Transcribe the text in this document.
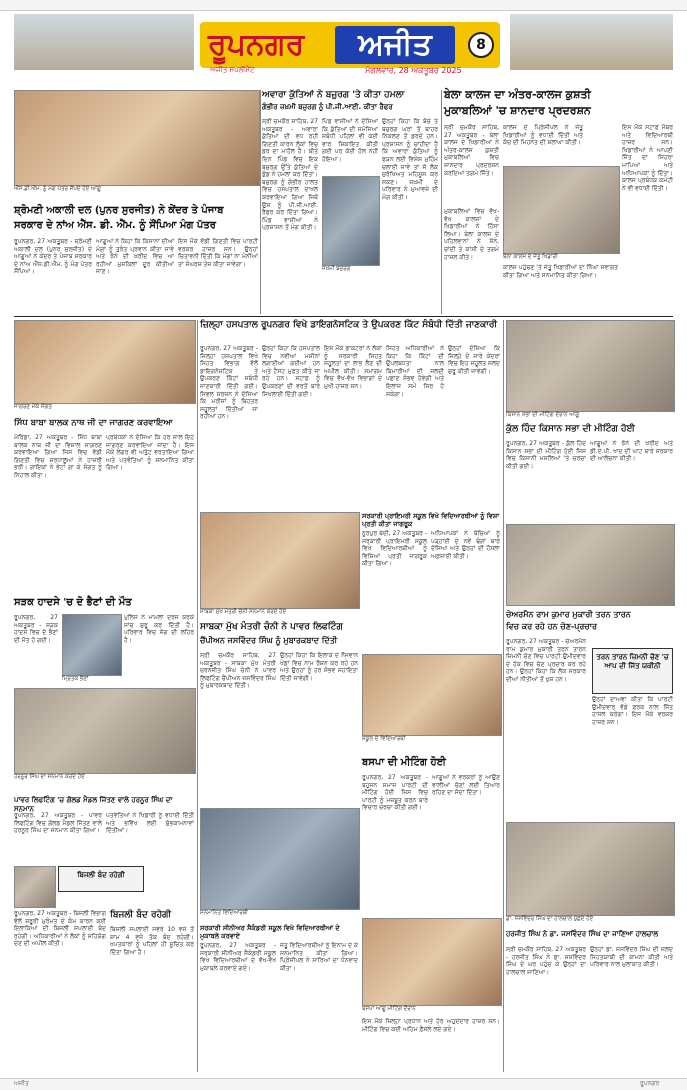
ਰੂਪਨਗਰ	ਅਜੀਤ	8
ਅਜੀਤ ਸਪਲੀਮੈਂਟ	ਮੰਗਲਵਾਰ, 28 ਅਕਤੂਬਰ 2025
ਐੱਸ.ਡੀ.ਐੱਮ. ਨੂੰ ਮੰਗ ਪੱਤਰ ਸੌਂਪਦੇ ਹੋਏ ਆਗੂ
ਅਵਾਰਾ ਕੁੱਤਿਆਂ ਨੇ ਬਜ਼ੁਰਗ 'ਤੇ ਕੀਤਾ ਹਮਲਾ
ਗੰਭੀਰ ਜ਼ਖ਼ਮੀ ਬਜ਼ੁਰਗ ਨੂੰ ਪੀ.ਜੀ.ਆਈ. ਕੀਤਾ ਰੈਫਰ
ਸ੍ਰੀ ਚਮਕੌਰ ਸਾਹਿਬ, 27 ਅਕਤੂਬਰ - ਅਵਾਰਾ ਕੁੱਤਿਆਂ ਦੀ ਵਧ ਰਹੀ ਗਿਣਤੀ ਕਾਰਨ ਲੋਕਾਂ ਵਿਚ ਡਰ ਦਾ ਮਾਹੌਲ ਹੈ। ਬੀਤੇ ਦਿਨ ਪਿੰਡ ਵਿਚ ਇਕ ਬਜ਼ੁਰਗ ਉੱਤੇ ਕੁੱਤਿਆਂ ਦੇ ਝੁੰਡ ਨੇ ਹਮਲਾ ਕਰ ਦਿੱਤਾ। ਬਜ਼ੁਰਗ ਨੂੰ ਗੰਭੀਰ ਹਾਲਤ ਵਿਚ ਹਸਪਤਾਲ ਦਾਖਲ ਕਰਵਾਇਆ ਗਿਆ ਜਿਥੋਂ ਉਸ ਨੂੰ ਪੀ.ਜੀ.ਆਈ. ਰੈਫਰ ਕਰ ਦਿੱਤਾ ਗਿਆ। ਪਿੰਡ ਵਾਸੀਆਂ ਨੇ ਪ੍ਰਸ਼ਾਸਨ ਤੋਂ ਮੰਗ ਕੀਤੀ।
ਜ਼ਖ਼ਮੀ ਬਜ਼ੁਰਗ
ਪਿੰਡ ਵਾਸੀਆਂ ਨੇ ਦੱਸਿਆ ਕਿ ਕੁੱਤਿਆਂ ਦੀ ਸਮੱਸਿਆ ਸਬੰਧੀ ਪਹਿਲਾਂ ਵੀ ਕਈ ਵਾਰ ਸ਼ਿਕਾਇਤ ਕੀਤੀ ਗਈ ਪਰ ਕੋਈ ਹੱਲ ਨਹੀਂ ਹੋਇਆ।
ਉਨ੍ਹਾਂ ਕਿਹਾ ਕਿ ਬੱਚੇ ਤੇ ਬਜ਼ੁਰਗ ਘਰਾਂ ਤੋਂ ਬਾਹਰ ਨਿਕਲਣ ਤੋਂ ਡਰਦੇ ਹਨ। ਪ੍ਰਸ਼ਾਸਨ ਨੂੰ ਚਾਹੀਦਾ ਹੈ ਕਿ ਅਵਾਰਾ ਕੁੱਤਿਆਂ ਨੂੰ ਫੜਨ ਲਈ ਵਿਸ਼ੇਸ਼ ਮੁਹਿੰਮ ਚਲਾਈ ਜਾਵੇ ਤਾਂ ਜੋ ਲੋਕ ਸੁਰੱਖਿਅਤ ਮਹਿਸੂਸ ਕਰ ਸਕਣ। ਜ਼ਖ਼ਮੀ ਦੇ ਪਰਿਵਾਰ ਨੇ ਮੁਆਵਜ਼ੇ ਦੀ ਮੰਗ ਕੀਤੀ।
ਬੇਲਾ ਕਾਲਜ ਦਾ ਅੰਤਰ-ਕਾਲਜ ਕੁਸ਼ਤੀ
ਮੁਕਾਬਲਿਆਂ 'ਚ ਸ਼ਾਨਦਾਰ ਪ੍ਰਦਰਸ਼ਨ
ਸ੍ਰੀ ਚਮਕੌਰ ਸਾਹਿਬ, 27 ਅਕਤੂਬਰ - ਬੇਲਾ ਕਾਲਜ ਦੇ ਖਿਡਾਰੀਆਂ ਨੇ ਅੰਤਰ-ਕਾਲਜ ਕੁਸ਼ਤੀ ਮੁਕਾਬਲਿਆਂ ਵਿਚ ਸ਼ਾਨਦਾਰ ਪ੍ਰਦਰਸ਼ਨ ਕਰਦਿਆਂ ਤਗਮੇ ਜਿੱਤੇ।
ਕਾਲਜ ਦੇ ਪ੍ਰਿੰਸੀਪਲ ਨੇ ਜੇਤੂ ਖਿਡਾਰੀਆਂ ਨੂੰ ਵਧਾਈ ਦਿੱਤੀ ਅਤੇ ਕੋਚ ਦੀ ਮਿਹਨਤ ਦੀ ਸ਼ਲਾਘਾ ਕੀਤੀ।
ਇਸ ਮੌਕੇ ਸਟਾਫ਼ ਮੈਂਬਰ ਅਤੇ ਵਿਦਿਆਰਥੀ ਹਾਜ਼ਰ ਸਨ। ਖਿਡਾਰੀਆਂ ਨੇ ਆਪਣੀ ਜਿੱਤ ਦਾ ਸਿਹਰਾ ਮਾਪਿਆਂ ਅਤੇ ਅਧਿਆਪਕਾਂ ਨੂੰ ਦਿੱਤਾ। ਕਾਲਜ ਪ੍ਰਬੰਧਕ ਕਮੇਟੀ ਨੇ ਵੀ ਵਧਾਈ ਦਿੱਤੀ।
ਬੇਲਾ ਕਾਲਜ ਦੇ ਜੇਤੂ ਖਿਡਾਰੀ
ਮੁਕਾਬਲਿਆਂ ਵਿਚ ਵੱਖ-ਵੱਖ ਕਾਲਜਾਂ ਦੇ ਖਿਡਾਰੀਆਂ ਨੇ ਹਿੱਸਾ ਲਿਆ। ਬੇਲਾ ਕਾਲਜ ਦੇ ਪਹਿਲਵਾਨਾਂ ਨੇ ਸੋਨੇ, ਚਾਂਦੀ ਤੇ ਕਾਂਸੀ ਦੇ ਤਗਮੇ ਹਾਸਲ ਕੀਤੇ।
ਕਾਲਜ ਪਹੁੰਚਣ 'ਤੇ ਜੇਤੂ ਖਿਡਾਰੀਆਂ ਦਾ ਨਿੱਘਾ ਸਵਾਗਤ ਕੀਤਾ ਗਿਆ ਅਤੇ ਸਨਮਾਨਿਤ ਕੀਤਾ ਗਿਆ।
ਸ਼੍ਰੋਮਣੀ ਅਕਾਲੀ ਦਲ (ਪੁਨਰ ਸੁਰਜੀਤ) ਨੇ ਕੇਂਦਰ ਤੇ ਪੰਜਾਬ
ਸਰਕਾਰ ਦੇ ਨਾਂਅ ਐੱਸ. ਡੀ. ਐੱਮ. ਨੂੰ ਸੌਂਪਿਆ ਮੰਗ ਪੱਤਰ
ਰੂਪਨਗਰ, 27 ਅਕਤੂਬਰ - ਸ਼੍ਰੋਮਣੀ ਅਕਾਲੀ ਦਲ (ਪੁਨਰ ਸੁਰਜੀਤ) ਦੇ ਆਗੂਆਂ ਨੇ ਕੇਂਦਰ ਤੇ ਪੰਜਾਬ ਸਰਕਾਰ ਦੇ ਨਾਂਅ ਐੱਸ.ਡੀ.ਐੱਮ. ਨੂੰ ਮੰਗ ਪੱਤਰ ਸੌਂਪਿਆ।
ਆਗੂਆਂ ਨੇ ਕਿਹਾ ਕਿ ਕਿਸਾਨਾਂ ਦੀਆਂ ਮੰਗਾਂ ਨੂੰ ਤੁਰੰਤ ਪ੍ਰਵਾਨ ਕੀਤਾ ਜਾਵੇ ਅਤੇ ਝੋਨੇ ਦੀ ਖ਼ਰੀਦ ਵਿਚ ਆ ਰਹੀਆਂ ਮੁਸ਼ਕਿਲਾਂ ਦੂਰ ਕੀਤੀਆਂ ਜਾਣ।
ਇਸ ਮੌਕੇ ਵੱਡੀ ਗਿਣਤੀ ਵਿਚ ਪਾਰਟੀ ਵਰਕਰ ਹਾਜ਼ਰ ਸਨ। ਉਨ੍ਹਾਂ ਚਿਤਾਵਨੀ ਦਿੱਤੀ ਕਿ ਮੰਗਾਂ ਨਾ ਮੰਨੀਆਂ ਤਾਂ ਸੰਘਰਸ਼ ਤੇਜ਼ ਕੀਤਾ ਜਾਵੇਗਾ।
ਜਾਗਰਣ ਮੌਕੇ ਸੰਗਤ
ਜ਼ਿਲ੍ਹਾ ਹਸਪਤਾਲ ਰੂਪਨਗਰ ਵਿਖੇ ਡਾਇਗਨੋਸਟਿਕ ਤੇ ਉਪਕਰਣ ਕਿੱਟ ਸੰਬੰਧੀ ਦਿੱਤੀ ਜਾਣਕਾਰੀ
ਰੂਪਨਗਰ, 27 ਅਕਤੂਬਰ - ਜ਼ਿਲ੍ਹਾ ਹਸਪਤਾਲ ਵਿਖੇ ਸਿਹਤ ਵਿਭਾਗ ਵੱਲੋਂ ਡਾਇਗਨੋਸਟਿਕ ਤੇ ਉਪਕਰਣ ਕਿੱਟਾਂ ਸਬੰਧੀ ਜਾਣਕਾਰੀ ਦਿੱਤੀ ਗਈ। ਸਿਵਲ ਸਰਜਨ ਨੇ ਦੱਸਿਆ ਕਿ ਮਰੀਜ਼ਾਂ ਨੂੰ ਬਿਹਤਰ ਸਹੂਲਤਾਂ ਦਿੱਤੀਆਂ ਜਾ ਰਹੀਆਂ ਹਨ।
ਉਨ੍ਹਾਂ ਕਿਹਾ ਕਿ ਹਸਪਤਾਲ ਵਿਚ ਨਵੀਆਂ ਮਸ਼ੀਨਾਂ ਲਗਾਈਆਂ ਗਈਆਂ ਹਨ ਅਤੇ ਟੈਸਟ ਮੁਫ਼ਤ ਕੀਤੇ ਜਾ ਰਹੇ ਹਨ। ਸਟਾਫ਼ ਨੂੰ ਉਪਕਰਣਾਂ ਦੀ ਵਰਤੋਂ ਬਾਰੇ ਸਿਖਲਾਈ ਦਿੱਤੀ ਗਈ।
ਇਸ ਮੌਕੇ ਡਾਕਟਰਾਂ ਨੇ ਲੋਕਾਂ ਨੂੰ ਸਰਕਾਰੀ ਸਿਹਤ ਸਹੂਲਤਾਂ ਦਾ ਲਾਭ ਲੈਣ ਦੀ ਅਪੀਲ ਕੀਤੀ। ਸਮਾਗਮ ਵਿਚ ਵੱਖ-ਵੱਖ ਵਿਭਾਗਾਂ ਦੇ ਮੁਖੀ ਹਾਜ਼ਰ ਸਨ।
ਸਿਹਤ ਅਧਿਕਾਰੀਆਂ ਨੇ ਕਿਹਾ ਕਿ ਕਿੱਟਾਂ ਦੀ ਉਪਲਬਧਤਾ ਨਾਲ ਬਿਮਾਰੀਆਂ ਦੀ ਜਲਦੀ ਪਛਾਣ ਸੰਭਵ ਹੋਵੇਗੀ ਅਤੇ ਇਲਾਜ ਸਮੇਂ ਸਿਰ ਹੋ ਸਕੇਗਾ।
ਉਨ੍ਹਾਂ ਦੱਸਿਆ ਕਿ ਜ਼ਿਲ੍ਹੇ ਦੇ ਸਾਰੇ ਕੇਂਦਰਾਂ ਵਿਚ ਇਹ ਸਹੂਲਤ ਜਲਦ ਸ਼ੁਰੂ ਕੀਤੀ ਜਾਵੇਗੀ।
ਕਿਸਾਨ ਸਭਾ ਦੀ ਮੀਟਿੰਗ ਦੌਰਾਨ ਆਗੂ
ਕੁੱਲ ਹਿੰਦ ਕਿਸਾਨ ਸਭਾ ਦੀ ਮੀਟਿੰਗ ਹੋਈ
ਰੂਪਨਗਰ, 27 ਅਕਤੂਬਰ - ਕੁੱਲ ਹਿੰਦ ਕਿਸਾਨ ਸਭਾ ਦੀ ਮੀਟਿੰਗ ਹੋਈ ਜਿਸ ਵਿਚ ਕਿਸਾਨੀ ਮਸਲਿਆਂ 'ਤੇ ਚਰਚਾ ਕੀਤੀ ਗਈ।
ਆਗੂਆਂ ਨੇ ਝੋਨੇ ਦੀ ਖ਼ਰੀਦ ਅਤੇ ਡੀ.ਏ.ਪੀ. ਖਾਦ ਦੀ ਘਾਟ ਬਾਰੇ ਸਰਕਾਰ ਦੀ ਆਲੋਚਨਾ ਕੀਤੀ।
ਸਿੱਧ ਬਾਬਾ ਬਾਲਕ ਨਾਥ ਜੀ ਦਾ ਜਾਗਰਣ ਕਰਵਾਇਆ
ਮੋਰਿੰਡਾ, 27 ਅਕਤੂਬਰ - ਸਿੱਧ ਬਾਬਾ ਬਾਲਕ ਨਾਥ ਜੀ ਦਾ ਵਿਸ਼ਾਲ ਜਾਗਰਣ ਕਰਵਾਇਆ ਗਿਆ ਜਿਸ ਵਿਚ ਵੱਡੀ ਗਿਣਤੀ ਵਿਚ ਸ਼ਰਧਾਲੂਆਂ ਨੇ ਹਾਜ਼ਰੀ ਭਰੀ। ਗਾਇਕਾਂ ਨੇ ਭੇਟਾਂ ਗਾ ਕੇ ਸੰਗਤ ਨੂੰ ਨਿਹਾਲ ਕੀਤਾ।
ਪ੍ਰਬੰਧਕਾਂ ਨੇ ਦੱਸਿਆ ਕਿ ਹਰ ਸਾਲ ਇਹ ਜਾਗਰਣ ਕਰਵਾਇਆ ਜਾਂਦਾ ਹੈ। ਇਸ ਮੌਕੇ ਲੰਗਰ ਵੀ ਅਤੁੱਟ ਵਰਤਾਇਆ ਗਿਆ ਅਤੇ ਪਤਵੰਤਿਆਂ ਨੂੰ ਸਨਮਾਨਿਤ ਕੀਤਾ ਗਿਆ।
ਸਾਬਕਾ ਮੁੱਖ ਮੰਤਰੀ ਚੰਨੀ ਸਨਮਾਨ ਕਰਦੇ ਹੋਏ
ਸਰਕਾਰੀ ਪ੍ਰਾਇਮਰੀ ਸਕੂਲ ਵਿਖੇ ਵਿਦਿਆਰਥੀਆਂ ਨੂੰ ਵਿਸ਼ਾ ਪ੍ਰਤੀ ਕੀਤਾ ਜਾਗਰੂਕ
ਨੂਰਪੁਰ ਬੇਦੀ, 27 ਅਕਤੂਬਰ - ਸਰਕਾਰੀ ਪ੍ਰਾਇਮਰੀ ਸਕੂਲ ਵਿਖੇ ਵਿਦਿਆਰਥੀਆਂ ਨੂੰ ਵਿਸ਼ਿਆਂ ਪ੍ਰਤੀ ਜਾਗਰੂਕ ਕੀਤਾ ਗਿਆ।
ਅਧਿਆਪਕਾਂ ਨੇ ਬੱਚਿਆਂ ਨੂੰ ਪੜ੍ਹਾਈ ਦੇ ਨਵੇਂ ਢੰਗਾਂ ਬਾਰੇ ਦੱਸਿਆ ਅਤੇ ਉਨ੍ਹਾਂ ਦੀ ਹੌਸਲਾ ਅਫ਼ਜ਼ਾਈ ਕੀਤੀ।
ਚੇਅਰਮੈਨ ਰਾਮ ਕੁਮਾਰ ਮੁਕਾਰੀ ਤਰਨ ਤਾਰਨ
ਵਿਚ ਕਰ ਰਹੇ ਹਨ ਚੋਣ-ਪ੍ਰਚਾਰ
ਰੂਪਨਗਰ, 27 ਅਕਤੂਬਰ - ਚੇਅਰਮੈਨ ਰਾਮ ਕੁਮਾਰ ਮੁਕਾਰੀ ਤਰਨ ਤਾਰਨ ਜ਼ਿਮਨੀ ਚੋਣ ਵਿਚ ਪਾਰਟੀ ਉਮੀਦਵਾਰ ਦੇ ਹੱਕ ਵਿਚ ਚੋਣ ਪ੍ਰਚਾਰ ਕਰ ਰਹੇ ਹਨ। ਉਨ੍ਹਾਂ ਕਿਹਾ ਕਿ ਲੋਕ ਸਰਕਾਰ ਦੀਆਂ ਨੀਤੀਆਂ ਤੋਂ ਖੁਸ਼ ਹਨ।
ਤਰਨ ਤਾਰਨ ਜ਼ਿਮਨੀ ਚੋਣ 'ਚ ਆਪ ਦੀ ਜਿੱਤ ਯਕੀਨੀ
ਉਨ੍ਹਾਂ ਦਾਅਵਾ ਕੀਤਾ ਕਿ ਪਾਰਟੀ ਉਮੀਦਵਾਰ ਵੱਡੇ ਫ਼ਰਕ ਨਾਲ ਜਿੱਤ ਹਾਸਲ ਕਰੇਗਾ। ਇਸ ਮੌਕੇ ਵਰਕਰ ਹਾਜ਼ਰ ਸਨ।
ਸੜਕ ਹਾਦਸੇ 'ਚ ਦੋ ਭੈਣਾਂ ਦੀ ਮੌਤ
ਰੂਪਨਗਰ, 27 ਅਕਤੂਬਰ - ਸੜਕ ਹਾਦਸੇ ਵਿਚ ਦੋ ਭੈਣਾਂ ਦੀ ਮੌਤ ਹੋ ਗਈ।
ਮ੍ਰਿਤਕ ਭੈਣਾਂ
ਪੁਲਿਸ ਨੇ ਮਾਮਲਾ ਦਰਜ ਕਰਕੇ ਜਾਂਚ ਸ਼ੁਰੂ ਕਰ ਦਿੱਤੀ ਹੈ। ਪਰਿਵਾਰ ਵਿਚ ਸੋਗ ਦੀ ਲਹਿਰ ਹੈ।
ਹਰਨੂਰ ਸਿੰਘ ਦਾ ਸਨਮਾਨ ਕਰਦੇ ਹੋਏ
ਪਾਵਰ ਲਿਫਟਿੰਗ 'ਚ ਗੋਲਡ ਮੈਡਲ ਜਿੱਤਣ ਵਾਲੇ ਹਰਨੂਰ ਸਿੰਘ ਦਾ ਸਨਮਾਨ
ਰੂਪਨਗਰ, 27 ਅਕਤੂਬਰ - ਪਾਵਰ ਲਿਫਟਿੰਗ ਵਿਚ ਗੋਲਡ ਮੈਡਲ ਜਿੱਤਣ ਵਾਲੇ ਹਰਨੂਰ ਸਿੰਘ ਦਾ ਸਨਮਾਨ ਕੀਤਾ ਗਿਆ।
ਪਤਵੰਤਿਆਂ ਨੇ ਖਿਡਾਰੀ ਨੂੰ ਵਧਾਈ ਦਿੱਤੀ ਅਤੇ ਭਵਿੱਖ ਲਈ ਸ਼ੁੱਭਕਾਮਨਾਵਾਂ ਦਿੱਤੀਆਂ।
ਬਿਜਲੀ ਬੰਦ ਰਹੇਗੀ
ਬਿਜਲੀ ਬੰਦ ਰਹੇਗੀ
ਰੂਪਨਗਰ, 27 ਅਕਤੂਬਰ - ਬਿਜਲੀ ਵਿਭਾਗ ਵੱਲੋਂ ਜ਼ਰੂਰੀ ਮੁਰੰਮਤ ਦੇ ਕੰਮ ਕਾਰਨ ਕਈ ਇਲਾਕਿਆਂ ਦੀ ਬਿਜਲੀ ਸਪਲਾਈ ਬੰਦ ਰਹੇਗੀ। ਅਧਿਕਾਰੀਆਂ ਨੇ ਲੋਕਾਂ ਨੂੰ ਸਹਿਯੋਗ ਦੇਣ ਦੀ ਅਪੀਲ ਕੀਤੀ।
ਬਿਜਲੀ ਸਪਲਾਈ ਸਵੇਰੇ 10 ਵਜੇ ਤੋਂ ਸ਼ਾਮ 4 ਵਜੇ ਤੱਕ ਬੰਦ ਰਹੇਗੀ। ਖਪਤਕਾਰਾਂ ਨੂੰ ਪਹਿਲਾਂ ਹੀ ਸੂਚਿਤ ਕਰ ਦਿੱਤਾ ਗਿਆ ਹੈ।
ਸਾਬਕਾ ਮੁੱਖ ਮੰਤਰੀ ਚੰਨੀ ਨੇ ਪਾਵਰ ਲਿਫਟਿੰਗ
ਚੈਂਪੀਅਨ ਜਸਵਿੰਦਰ ਸਿੰਘ ਨੂੰ ਮੁਬਾਰਕਬਾਦ ਦਿੱਤੀ
ਸ੍ਰੀ ਚਮਕੌਰ ਸਾਹਿਬ, 27 ਅਕਤੂਬਰ - ਸਾਬਕਾ ਮੁੱਖ ਮੰਤਰੀ ਚਰਨਜੀਤ ਸਿੰਘ ਚੰਨੀ ਨੇ ਪਾਵਰ ਲਿਫਟਿੰਗ ਚੈਂਪੀਅਨ ਜਸਵਿੰਦਰ ਸਿੰਘ ਨੂੰ ਮੁਬਾਰਕਬਾਦ ਦਿੱਤੀ।
ਉਨ੍ਹਾਂ ਕਿਹਾ ਕਿ ਇਲਾਕੇ ਦੇ ਨੌਜਵਾਨ ਖੇਡਾਂ ਵਿਚ ਨਾਮ ਰੌਸ਼ਨ ਕਰ ਰਹੇ ਹਨ ਅਤੇ ਉਨ੍ਹਾਂ ਨੂੰ ਹਰ ਸੰਭਵ ਸਹਾਇਤਾ ਦਿੱਤੀ ਜਾਵੇਗੀ।
ਸਕੂਲ ਦੇ ਵਿਦਿਆਰਥੀ
ਬਸਪਾ ਦੀ ਮੀਟਿੰਗ ਹੋਈ
ਰੂਪਨਗਰ, 27 ਅਕਤੂਬਰ - ਬਹੁਜਨ ਸਮਾਜ ਪਾਰਟੀ ਦੀ ਮੀਟਿੰਗ ਹੋਈ ਜਿਸ ਵਿਚ ਪਾਰਟੀ ਨੂੰ ਮਜ਼ਬੂਤ ਕਰਨ ਬਾਰੇ ਵਿਚਾਰ ਚਰਚਾ ਕੀਤੀ ਗਈ।
ਆਗੂਆਂ ਨੇ ਵਰਕਰਾਂ ਨੂੰ ਆਉਣ ਵਾਲੀਆਂ ਚੋਣਾਂ ਲਈ ਤਿਆਰ ਰਹਿਣ ਦਾ ਸੱਦਾ ਦਿੱਤਾ।
ਸਨਮਾਨਿਤ ਵਿਦਿਆਰਥੀ
ਸਰਕਾਰੀ ਸੀਨੀਅਰ ਸੈਕੰਡਰੀ ਸਕੂਲ ਵਿਖੇ ਵਿਦਿਆਰਥੀਆਂ ਦੇ ਮੁਕਾਬਲੇ ਕਰਵਾਏ
ਰੂਪਨਗਰ, 27 ਅਕਤੂਬਰ - ਸਰਕਾਰੀ ਸੀਨੀਅਰ ਸੈਕੰਡਰੀ ਸਕੂਲ ਵਿਖੇ ਵਿਦਿਆਰਥੀਆਂ ਦੇ ਵੱਖ-ਵੱਖ ਮੁਕਾਬਲੇ ਕਰਵਾਏ ਗਏ।
ਜੇਤੂ ਵਿਦਿਆਰਥੀਆਂ ਨੂੰ ਇਨਾਮ ਦੇ ਕੇ ਸਨਮਾਨਿਤ ਕੀਤਾ ਗਿਆ। ਪ੍ਰਿੰਸੀਪਲ ਨੇ ਸਾਰਿਆਂ ਦਾ ਧੰਨਵਾਦ ਕੀਤਾ।
ਬਸਪਾ ਆਗੂ ਮੀਟਿੰਗ ਦੌਰਾਨ
ਇਸ ਮੌਕੇ ਜ਼ਿਲ੍ਹਾ ਪ੍ਰਧਾਨ ਅਤੇ ਹੋਰ ਅਹੁਦੇਦਾਰ ਹਾਜ਼ਰ ਸਨ। ਮੀਟਿੰਗ ਵਿਚ ਕਈ ਅਹਿਮ ਫ਼ੈਸਲੇ ਲਏ ਗਏ।
ਡਾ. ਜਸਵਿੰਦਰ ਸਿੰਘ ਦਾ ਹਾਲਚਾਲ ਪੁੱਛਦੇ ਹੋਏ
ਹਰਜੀਤ ਸਿੰਘ ਨੇ ਡਾ. ਜਸਵਿੰਦਰ ਸਿੰਘ ਦਾ ਜਾਣਿਆ ਹਾਲਚਾਲ
ਸ੍ਰੀ ਚਮਕੌਰ ਸਾਹਿਬ, 27 ਅਕਤੂਬਰ - ਹਰਜੀਤ ਸਿੰਘ ਨੇ ਡਾ. ਜਸਵਿੰਦਰ ਸਿੰਘ ਦੇ ਘਰ ਪਹੁੰਚ ਕੇ ਉਨ੍ਹਾਂ ਦਾ ਹਾਲਚਾਲ ਜਾਣਿਆ।
ਉਨ੍ਹਾਂ ਡਾ. ਜਸਵਿੰਦਰ ਸਿੰਘ ਦੀ ਜਲਦ ਸਿਹਤਯਾਬੀ ਦੀ ਕਾਮਨਾ ਕੀਤੀ ਅਤੇ ਪਰਿਵਾਰ ਨਾਲ ਮੁਲਾਕਾਤ ਕੀਤੀ।
ਅਜੀਤ	ਰੂਪਨਗਰ
